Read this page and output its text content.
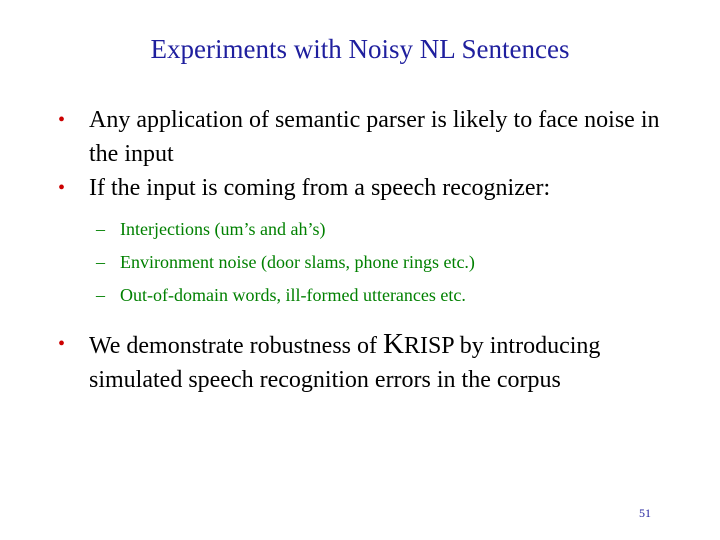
Experiments with Noisy NL Sentences
• Any application of semantic parser is likely to face noise in the input
• If the input is coming from a speech recognizer:
– Interjections (um’s and ah’s)
– Environment noise (door slams, phone rings etc.)
– Out-of-domain words, ill-formed utterances etc.
• We demonstrate robustness of KRISP by introducing simulated speech recognition errors in the corpus
51
